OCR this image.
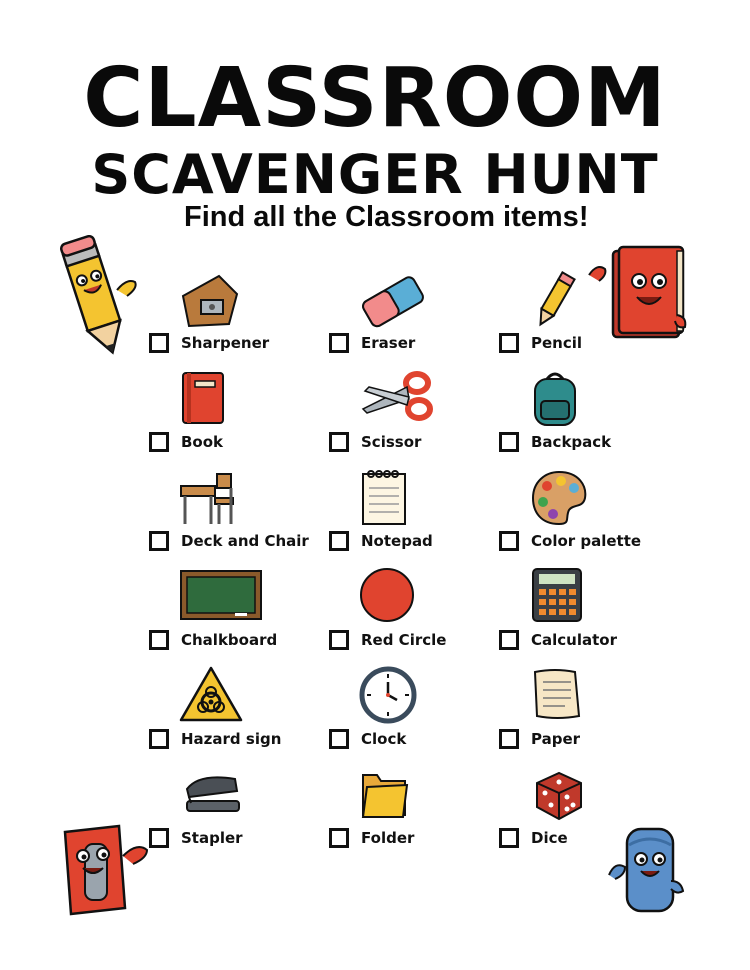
CLASSROOM
SCAVENGER HUNT
Find all the Classroom items!
Sharpener	Eraser	Pencil
Book	Scissor	Backpack
Deck and Chair	Notepad	Color palette
Chalkboard	Red Circle	Calculator
Hazard sign	Clock	Paper
Stapler	Folder	Dice
